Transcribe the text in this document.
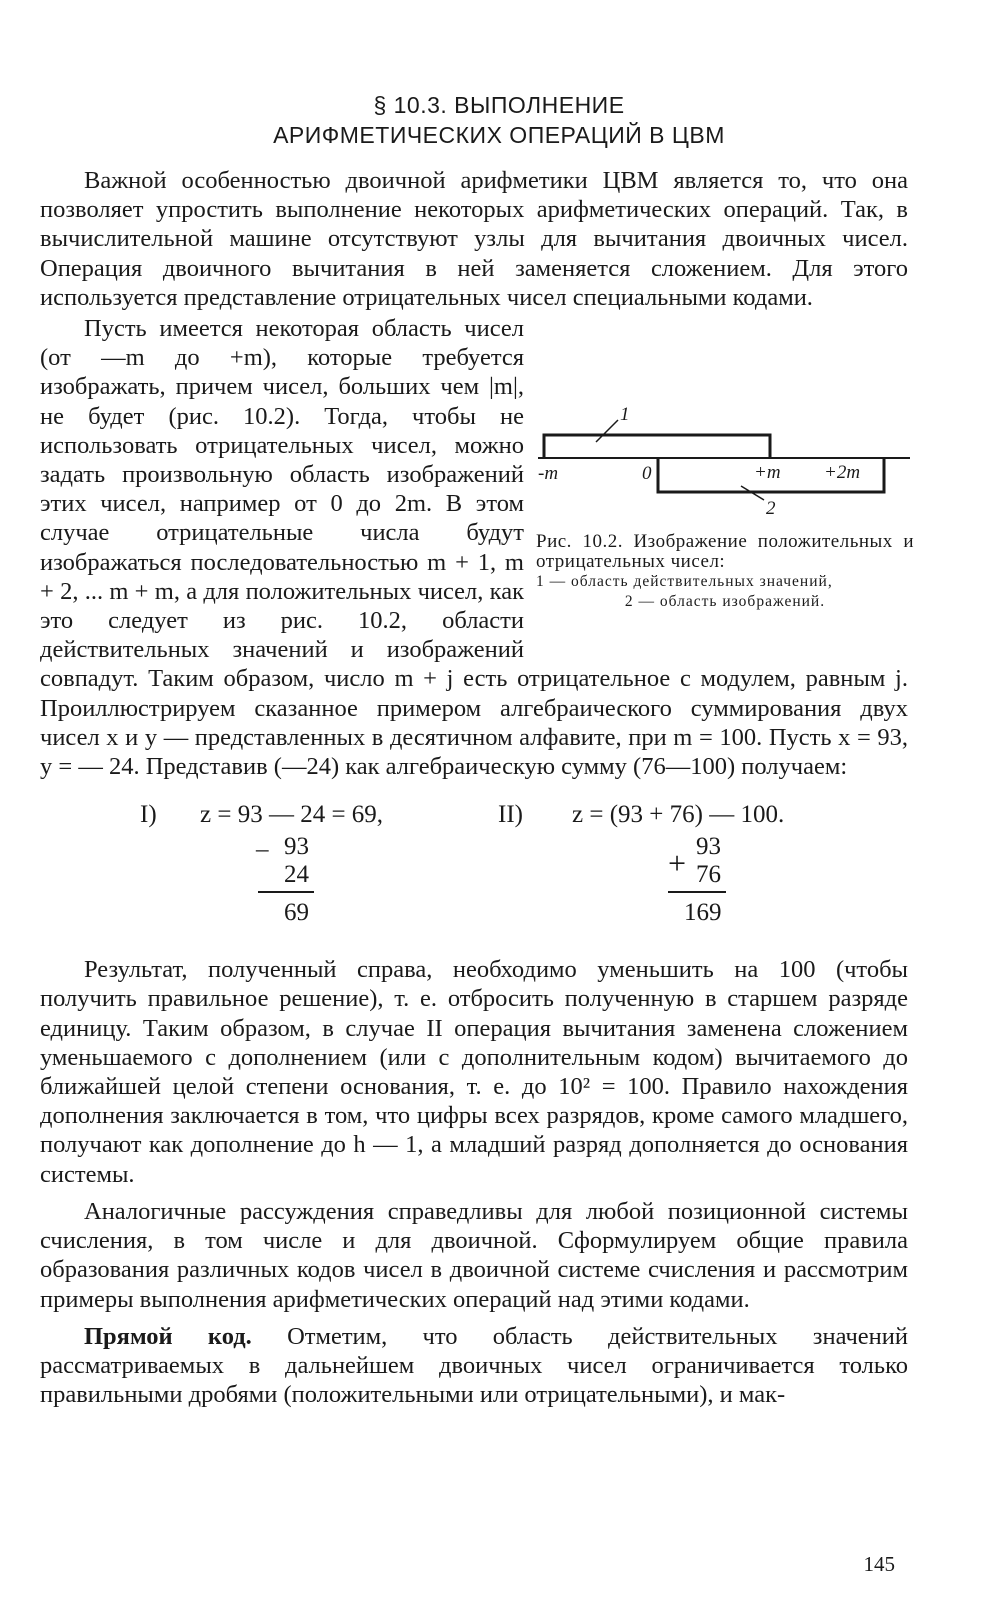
§ 10.3. ВЫПОЛНЕНИЕ
АРИФМЕТИЧЕСКИХ ОПЕРАЦИЙ В ЦВМ

Важной особенностью двоичной арифметики ЦВМ является то, что она позволяет упростить выполнение некоторых арифметических операций. Так, в вычислительной машине отсутствуют узлы для вычитания двоичных чисел. Операция двоичного вычитания в ней заменяется сложением. Для этого используется представление отрицательных чисел специальными кодами.

1
2
-m	0	+m +2m
Рис. 10.2. Изображение положительных и отрицательных чисел:
1 — область действительных значений,
2 — область изображений.

Пусть имеется некоторая область чисел (от —m до +m), которые требуется изображать, причем чисел, больших чем |m|, не будет (рис. 10.2). Тогда, чтобы не использовать отрицательных чисел, можно задать произвольную область изображений этих чисел, например от 0 до 2m. В этом случае отрицательные числа будут изображаться последовательностью m + 1, m + 2, ... m + m, а для положительных чисел, как это следует из рис. 10.2, области действительных значений и изображений совпадут. Таким образом, число m + j есть отрицательное с модулем, равным j. Проиллюстрируем сказанное примером алгебраического суммирования двух чисел x и y — представленных в десятичном алфавите, при m = 100. Пусть x = 93, y = — 24. Представив (—24) как алгебраическую сумму (76—100) получаем:

I) z = 93 — 24 = 69,
_ 93
24
69
II) z = (93 + 76) — 100.
+ 93
76
169

Результат, полученный справа, необходимо уменьшить на 100 (чтобы получить правильное решение), т. е. отбросить полученную в старшем разряде единицу. Таким образом, в случае II операция вычитания заменена сложением уменьшаемого с дополнением (или с дополнительным кодом) вычитаемого до ближайшей целой степени основания, т. е. до 10² = 100. Правило нахождения дополнения заключается в том, что цифры всех разрядов, кроме самого младшего, получают как дополнение до h — 1, а младший разряд дополняется до основания системы.

Аналогичные рассуждения справедливы для любой позиционной системы счисления, в том числе и для двоичной. Сформулируем общие правила образования различных кодов чисел в двоичной системе счисления и рассмотрим примеры выполнения арифметических операций над этими кодами.

Прямой код. Отметим, что область действительных значений рассматриваемых в дальнейшем двоичных чисел ограничивается только правильными дробями (положительными или отрицательными), и мак-

145
